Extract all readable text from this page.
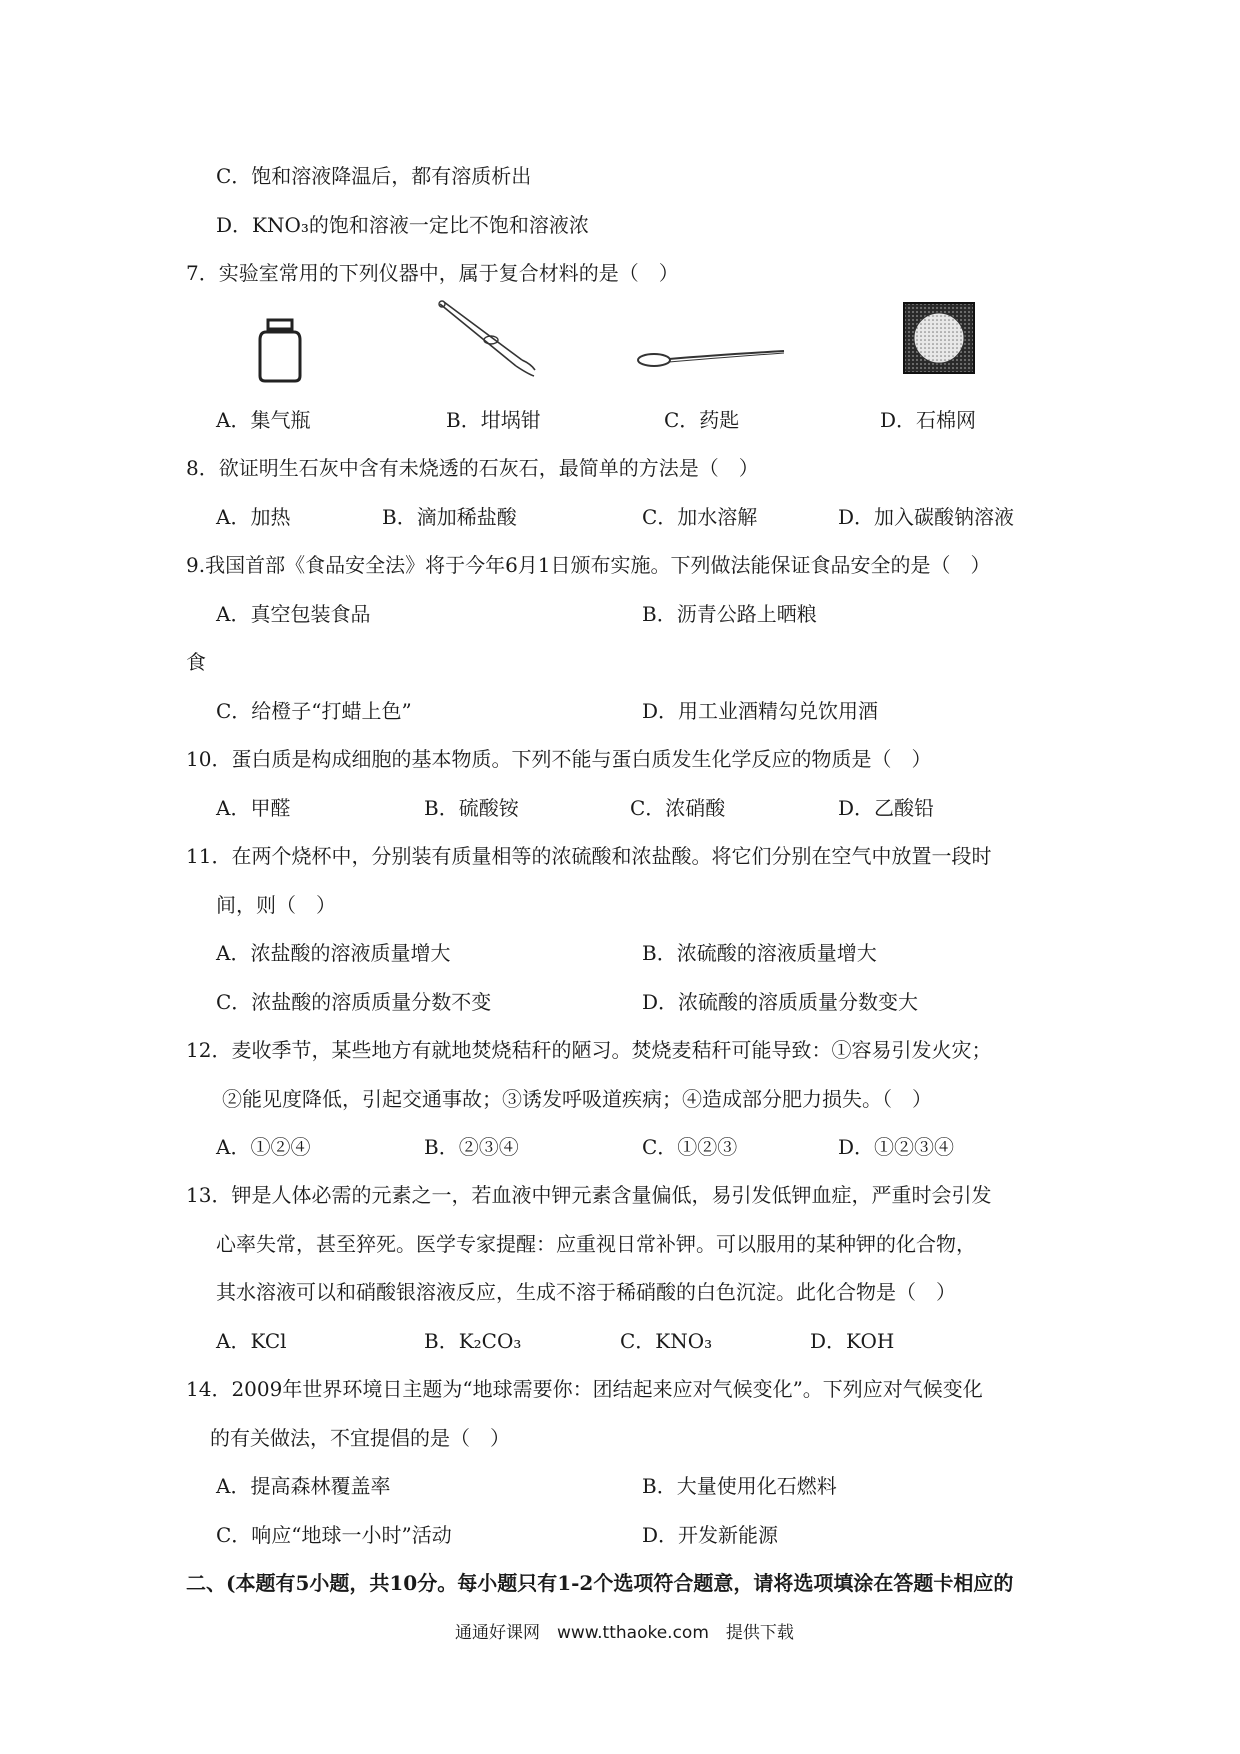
C．饱和溶液降温后，都有溶质析出
D．KNO₃的饱和溶液一定比不饱和溶液浓
7．实验室常用的下列仪器中，属于复合材料的是（　）
A．集气瓶	B．坩埚钳	C．药匙	D．石棉网
8．欲证明生石灰中含有未烧透的石灰石，最简单的方法是（　）
A．加热	B．滴加稀盐酸	C．加水溶解	D．加入碳酸钠溶液
9.我国首部《食品安全法》将于今年6月1日颁布实施。下列做法能保证食品安全的是（　）
A．真空包装食品	B．沥青公路上晒粮
食
C．给橙子“打蜡上色”	D．用工业酒精勾兑饮用酒
10．蛋白质是构成细胞的基本物质。下列不能与蛋白质发生化学反应的物质是（　）
A．甲醛	B．硫酸铵	C．浓硝酸	D．乙酸铅
11．在两个烧杯中，分别装有质量相等的浓硫酸和浓盐酸。将它们分别在空气中放置一段时
间，则（　）
A．浓盐酸的溶液质量增大	B．浓硫酸的溶液质量增大
C．浓盐酸的溶质质量分数不变	D．浓硫酸的溶质质量分数变大
12．麦收季节，某些地方有就地焚烧秸秆的陋习。焚烧麦秸秆可能导致：①容易引发火灾；
②能见度降低，引起交通事故；③诱发呼吸道疾病；④造成部分肥力损失。（　）
A．①②④	B．②③④	C．①②③	D．①②③④
13．钾是人体必需的元素之一，若血液中钾元素含量偏低，易引发低钾血症，严重时会引发
心率失常，甚至猝死。医学专家提醒：应重视日常补钾。可以服用的某种钾的化合物，
其水溶液可以和硝酸银溶液反应，生成不溶于稀硝酸的白色沉淀。此化合物是（　）
A．KCl	B．K₂CO₃	C．KNO₃	D．KOH
14．2009年世界环境日主题为“地球需要你：团结起来应对气候变化”。下列应对气候变化
的有关做法，不宜提倡的是（　）
A．提高森林覆盖率	B．大量使用化石燃料
C．响应“地球一小时”活动	D．开发新能源
二、(本题有5小题，共10分。每小题只有1-2个选项符合题意，请将选项填涂在答题卡相应的
通通好课网　www.tthaoke.com　提供下载
